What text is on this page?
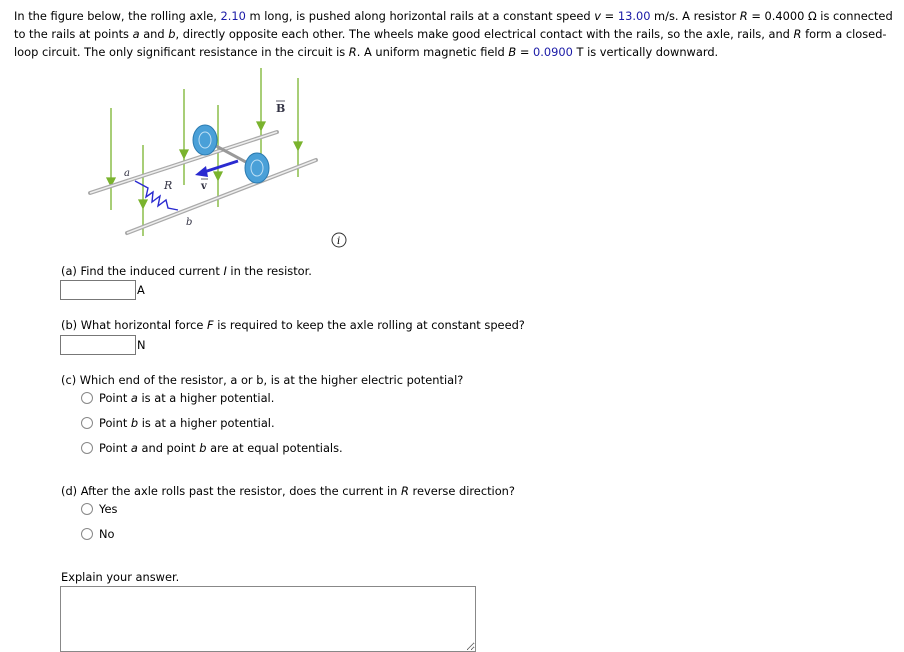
In the figure below, the rolling axle, 2.10 m long, is pushed along horizontal rails at a constant speed v = 13.00 m/s. A resistor R = 0.4000 Ω is connected to the rails at points a and b, directly opposite each other. The wheels make good electrical contact with the rails, so the axle, rails, and R form a closed-loop circuit. The only significant resistance in the circuit is R. A uniform magnetic field B = 0.0900 T is vertically downward.
a
b
R	v
B
i
(a) Find the induced current I in the resistor.
A
(b) What horizontal force F is required to keep the axle rolling at constant speed?
N
(c) Which end of the resistor, a or b, is at the higher electric potential?
Point a is at a higher potential.
Point b is at a higher potential.
Point a and point b are at equal potentials.
(d) After the axle rolls past the resistor, does the current in R reverse direction?
Yes
No
Explain your answer.
